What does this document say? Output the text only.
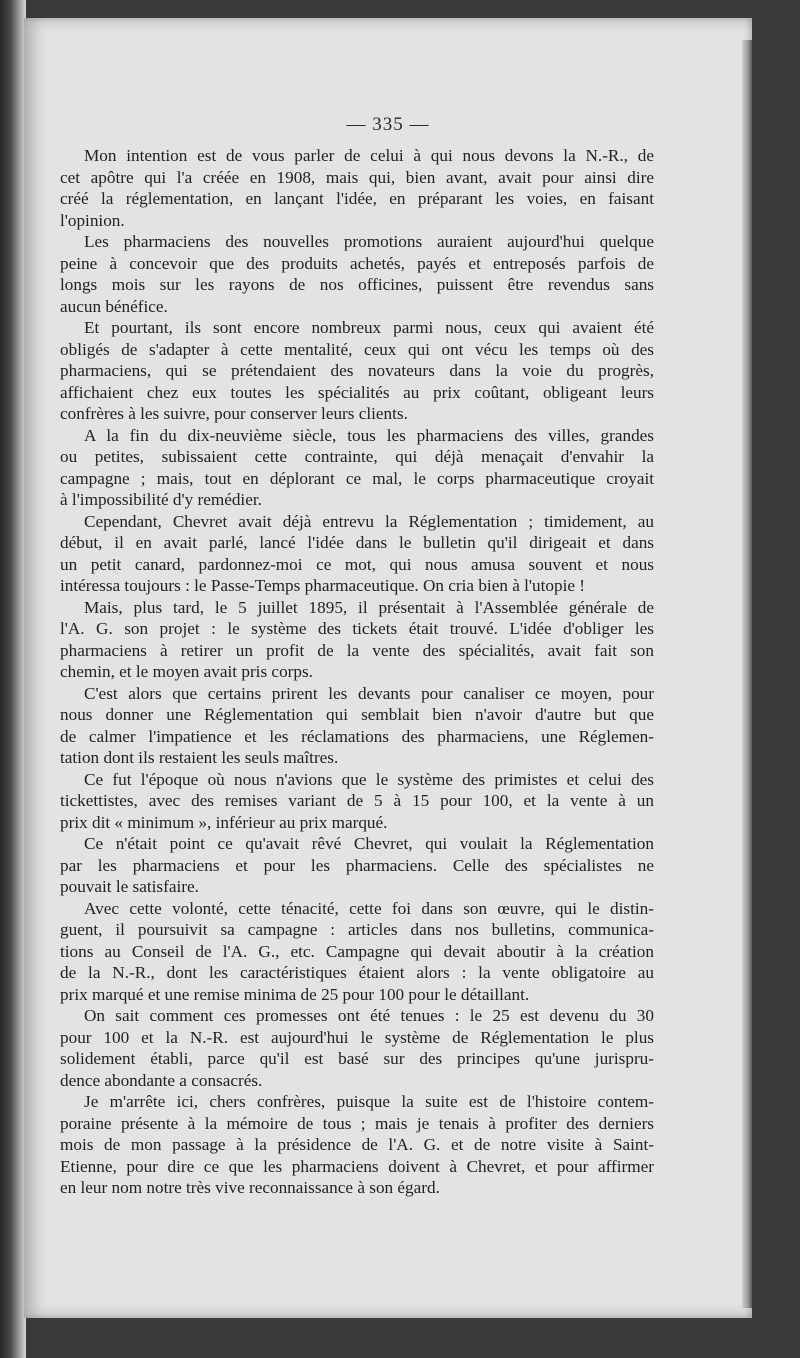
— 335 —
Mon intention est de vous parler de celui à qui nous devons la N.-R., de
cet apôtre qui l'a créée en 1908, mais qui, bien avant, avait pour ainsi dire
créé la réglementation, en lançant l'idée, en préparant les voies, en faisant
l'opinion.
Les pharmaciens des nouvelles promotions auraient aujourd'hui quelque
peine à concevoir que des produits achetés, payés et entreposés parfois de
longs mois sur les rayons de nos officines, puissent être revendus sans
aucun bénéfice.
Et pourtant, ils sont encore nombreux parmi nous, ceux qui avaient été
obligés de s'adapter à cette mentalité, ceux qui ont vécu les temps où des
pharmaciens, qui se prétendaient des novateurs dans la voie du progrès,
affichaient chez eux toutes les spécialités au prix coûtant, obligeant leurs
confrères à les suivre, pour conserver leurs clients.
A la fin du dix-neuvième siècle, tous les pharmaciens des villes, grandes
ou petites, subissaient cette contrainte, qui déjà menaçait d'envahir la
campagne ; mais, tout en déplorant ce mal, le corps pharmaceutique croyait
à l'impossibilité d'y remédier.
Cependant, Chevret avait déjà entrevu la Réglementation ; timidement, au
début, il en avait parlé, lancé l'idée dans le bulletin qu'il dirigeait et dans
un petit canard, pardonnez-moi ce mot, qui nous amusa souvent et nous
intéressa toujours : le Passe-Temps pharmaceutique. On cria bien à l'utopie !
Mais, plus tard, le 5 juillet 1895, il présentait à l'Assemblée générale de
l'A. G. son projet : le système des tickets était trouvé. L'idée d'obliger les
pharmaciens à retirer un profit de la vente des spécialités, avait fait son
chemin, et le moyen avait pris corps.
C'est alors que certains prirent les devants pour canaliser ce moyen, pour
nous donner une Réglementation qui semblait bien n'avoir d'autre but que
de calmer l'impatience et les réclamations des pharmaciens, une Réglemen-
tation dont ils restaient les seuls maîtres.
Ce fut l'époque où nous n'avions que le système des primistes et celui des
tickettistes, avec des remises variant de 5 à 15 pour 100, et la vente à un
prix dit « minimum », inférieur au prix marqué.
Ce n'était point ce qu'avait rêvé Chevret, qui voulait la Réglementation
par les pharmaciens et pour les pharmaciens. Celle des spécialistes ne
pouvait le satisfaire.
Avec cette volonté, cette ténacité, cette foi dans son œuvre, qui le distin-
guent, il poursuivit sa campagne : articles dans nos bulletins, communica-
tions au Conseil de l'A. G., etc. Campagne qui devait aboutir à la création
de la N.-R., dont les caractéristiques étaient alors : la vente obligatoire au
prix marqué et une remise minima de 25 pour 100 pour le détaillant.
On sait comment ces promesses ont été tenues : le 25 est devenu du 30
pour 100 et la N.-R. est aujourd'hui le système de Réglementation le plus
solidement établi, parce qu'il est basé sur des principes qu'une jurispru-
dence abondante a consacrés.
Je m'arrête ici, chers confrères, puisque la suite est de l'histoire contem-
poraine présente à la mémoire de tous ; mais je tenais à profiter des derniers
mois de mon passage à la présidence de l'A. G. et de notre visite à Saint-
Etienne, pour dire ce que les pharmaciens doivent à Chevret, et pour affirmer
en leur nom notre très vive reconnaissance à son égard.
